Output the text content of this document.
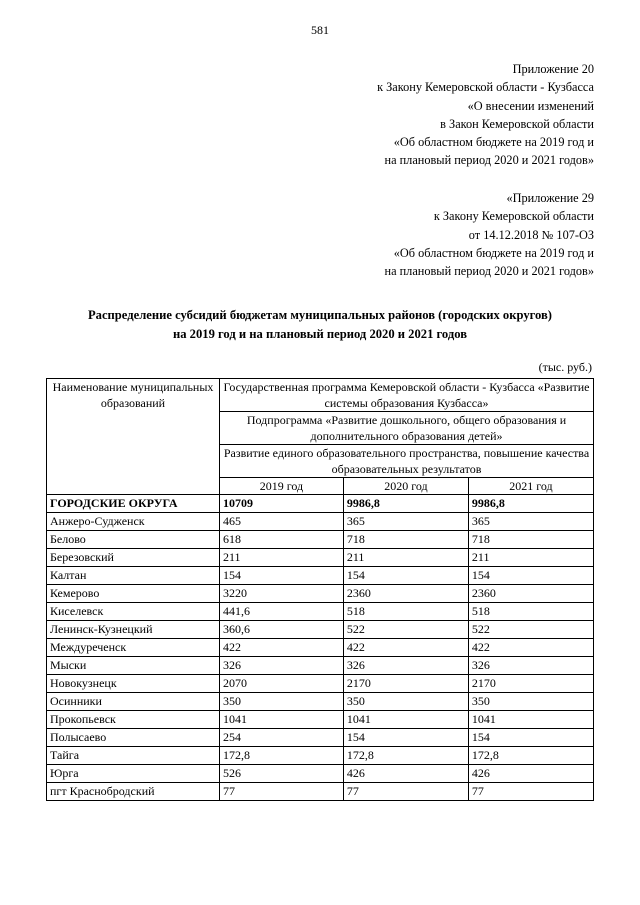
581
Приложение 20
к Закону Кемеровской области - Кузбасса
«О внесении изменений
в Закон Кемеровской области
«Об областном бюджете на 2019 год и
на плановый период 2020 и 2021 годов»
«Приложение 29
к Закону Кемеровской области
от 14.12.2018 № 107-ОЗ
«Об областном бюджете на 2019 год и
на плановый период 2020 и 2021 годов»
Распределение субсидий бюджетам муниципальных районов (городских округов)
на 2019 год и на плановый период 2020 и 2021 годов
(тыс. руб.)
Наименование муниципальных образований	Государственная программа Кемеровской области - Кузбасса «Развитие системы образования Кузбасса»		
	Подпрограмма «Развитие дошкольного, общего образования и дополнительного образования детей»		
	Развитие единого образовательного пространства, повышение качества образовательных результатов		
	2019 год	2020 год	2021 год
ГОРОДСКИЕ ОКРУГА	10709	9986,8	9986,8
Анжеро-Судженск	465	365	365
Белово	618	718	718
Березовский	211	211	211
Калтан	154	154	154
Кемерово	3220	2360	2360
Киселевск	441,6	518	518
Ленинск-Кузнецкий	360,6	522	522
Междуреченск	422	422	422
Мыски	326	326	326
Новокузнецк	2070	2170	2170
Осинники	350	350	350
Прокопьевск	1041	1041	1041
Полысаево	254	154	154
Тайга	172,8	172,8	172,8
Юрга	526	426	426
пгт Краснобродский	77	77	77
